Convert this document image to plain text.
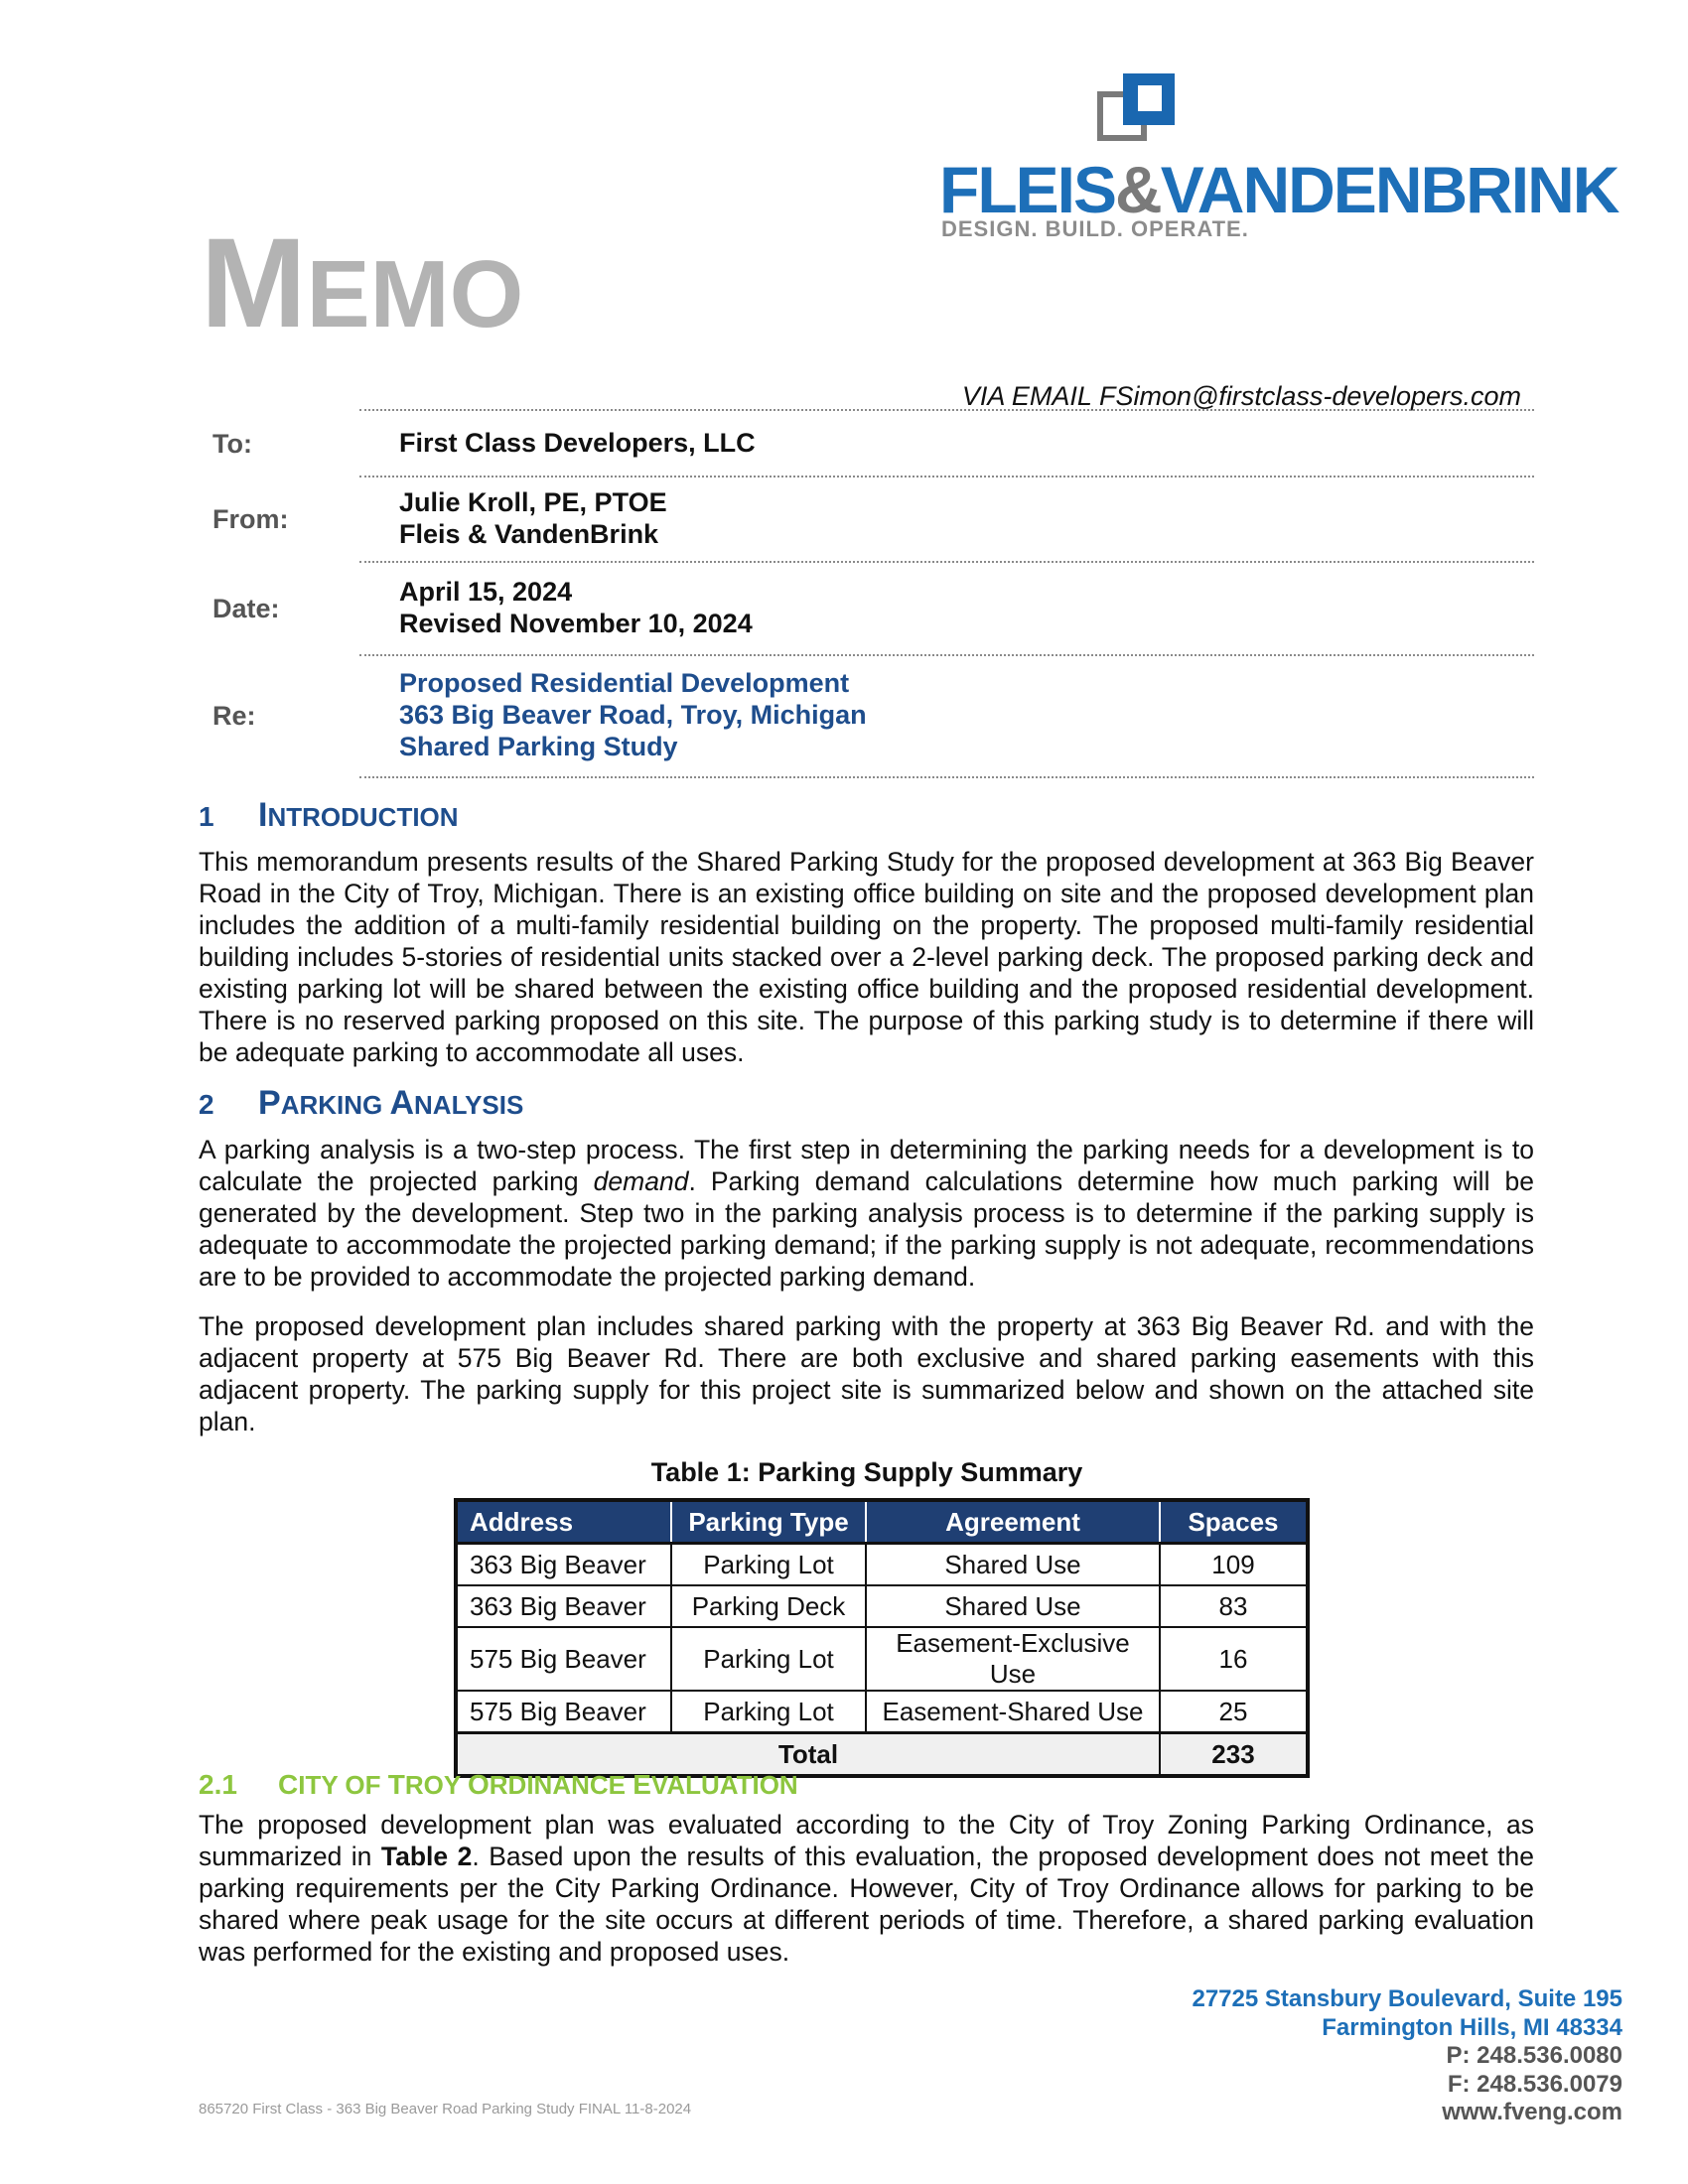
FLEIS&VANDENBRINK
DESIGN. BUILD. OPERATE.
MEMO
VIA EMAIL FSimon@firstclass-developers.com
To:	First Class Developers, LLC
From:
Julie Kroll, PE, PTOE
Fleis & VandenBrink
Date:
April 15, 2024
Revised November 10, 2024
Re:
Proposed Residential Development
363 Big Beaver Road, Troy, Michigan
Shared Parking Study
1 INTRODUCTION
This memorandum presents results of the Shared Parking Study for the proposed development at 363 Big Beaver Road in the City of Troy, Michigan. There is an existing office building on site and the proposed development plan includes the addition of a multi-family residential building on the property. The proposed multi-family residential building includes 5-stories of residential units stacked over a 2-level parking deck. The proposed parking deck and existing parking lot will be shared between the existing office building and the proposed residential development. There is no reserved parking proposed on this site. The purpose of this parking study is to determine if there will be adequate parking to accommodate all uses.
2 PARKING ANALYSIS
A parking analysis is a two-step process. The first step in determining the parking needs for a development is to calculate the projected parking demand. Parking demand calculations determine how much parking will be generated by the development. Step two in the parking analysis process is to determine if the parking supply is adequate to accommodate the projected parking demand; if the parking supply is not adequate, recommendations are to be provided to accommodate the projected parking demand.
The proposed development plan includes shared parking with the property at 363 Big Beaver Rd. and with the adjacent property at 575 Big Beaver Rd. There are both exclusive and shared parking easements with this adjacent property. The parking supply for this project site is summarized below and shown on the attached site plan.
Table 1: Parking Supply Summary
Address	Parking Type	Agreement	Spaces
363 Big Beaver	Parking Lot	Shared Use	109
363 Big Beaver	Parking Deck	Shared Use	83
575 Big Beaver	Parking Lot	Easement-Exclusive Use	16
575 Big Beaver	Parking Lot	Easement-Shared Use	25
Total			233
2.1 CITY OF TROY ORDINANCE EVALUATION
The proposed development plan was evaluated according to the City of Troy Zoning Parking Ordinance, as summarized in Table 2. Based upon the results of this evaluation, the proposed development does not meet the parking requirements per the City Parking Ordinance. However, City of Troy Ordinance allows for parking to be shared where peak usage for the site occurs at different periods of time. Therefore, a shared parking evaluation was performed for the existing and proposed uses.
27725 Stansbury Boulevard, Suite 195
Farmington Hills, MI 48334
P: 248.536.0080
F: 248.536.0079
www.fveng.com
865720 First Class - 363 Big Beaver Road Parking Study FINAL 11-8-2024
